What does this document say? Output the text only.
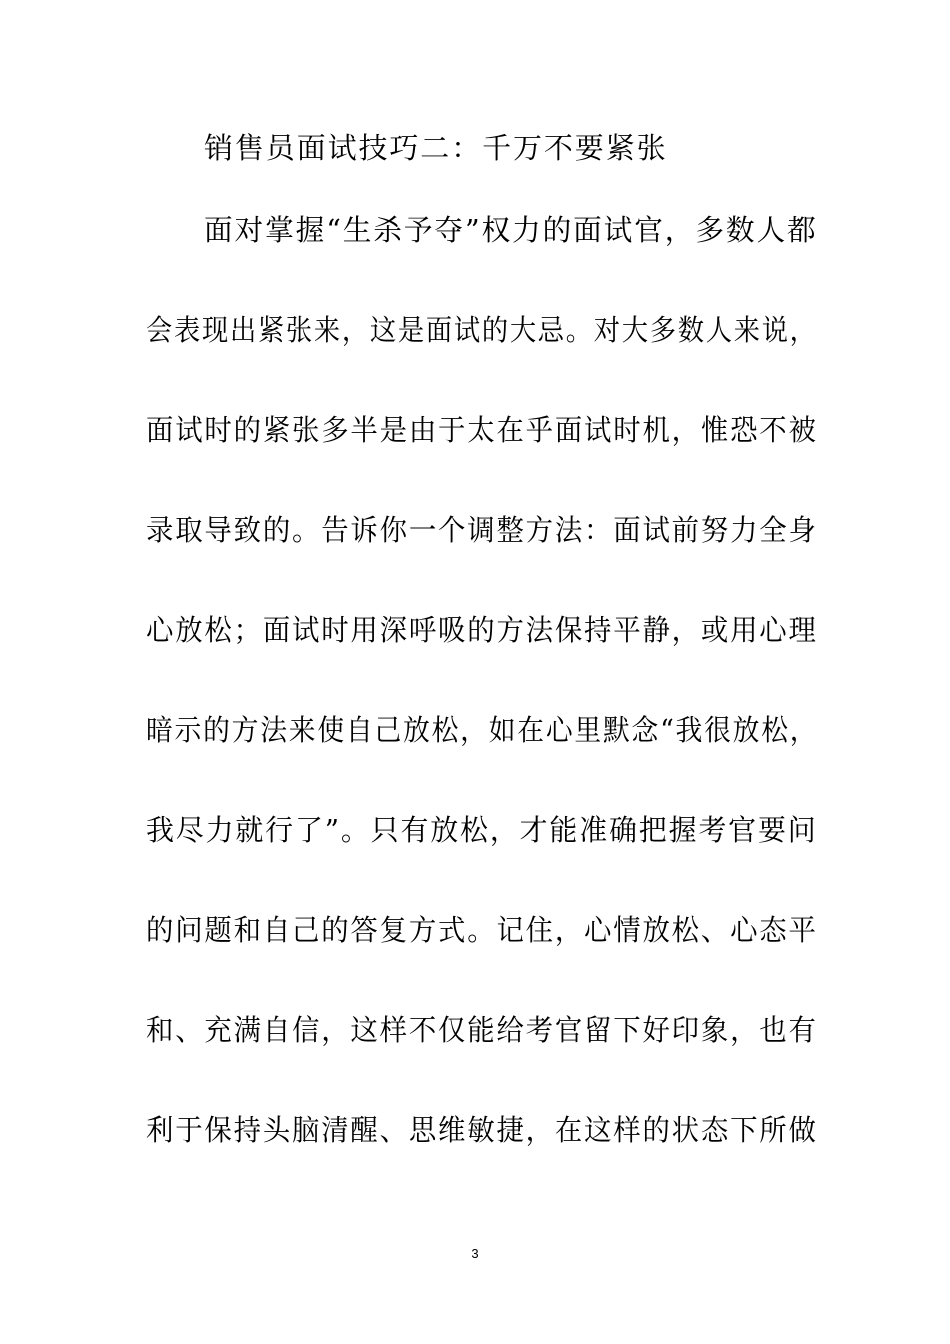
销售员面试技巧二：千万不要紧张
面对掌握“生杀予夺”权力的面试官，多数人都
会表现出紧张来，这是面试的大忌。对大多数人来说，
面试时的紧张多半是由于太在乎面试时机，惟恐不被
录取导致的。告诉你一个调整方法：面试前努力全身
心放松；面试时用深呼吸的方法保持平静，或用心理
暗示的方法来使自己放松，如在心里默念“我很放松，
我尽力就行了”。只有放松，才能准确把握考官要问
的问题和自己的答复方式。记住，心情放松、心态平
和、充满自信，这样不仅能给考官留下好印象，也有
利于保持头脑清醒、思维敏捷，在这样的状态下所做
3
